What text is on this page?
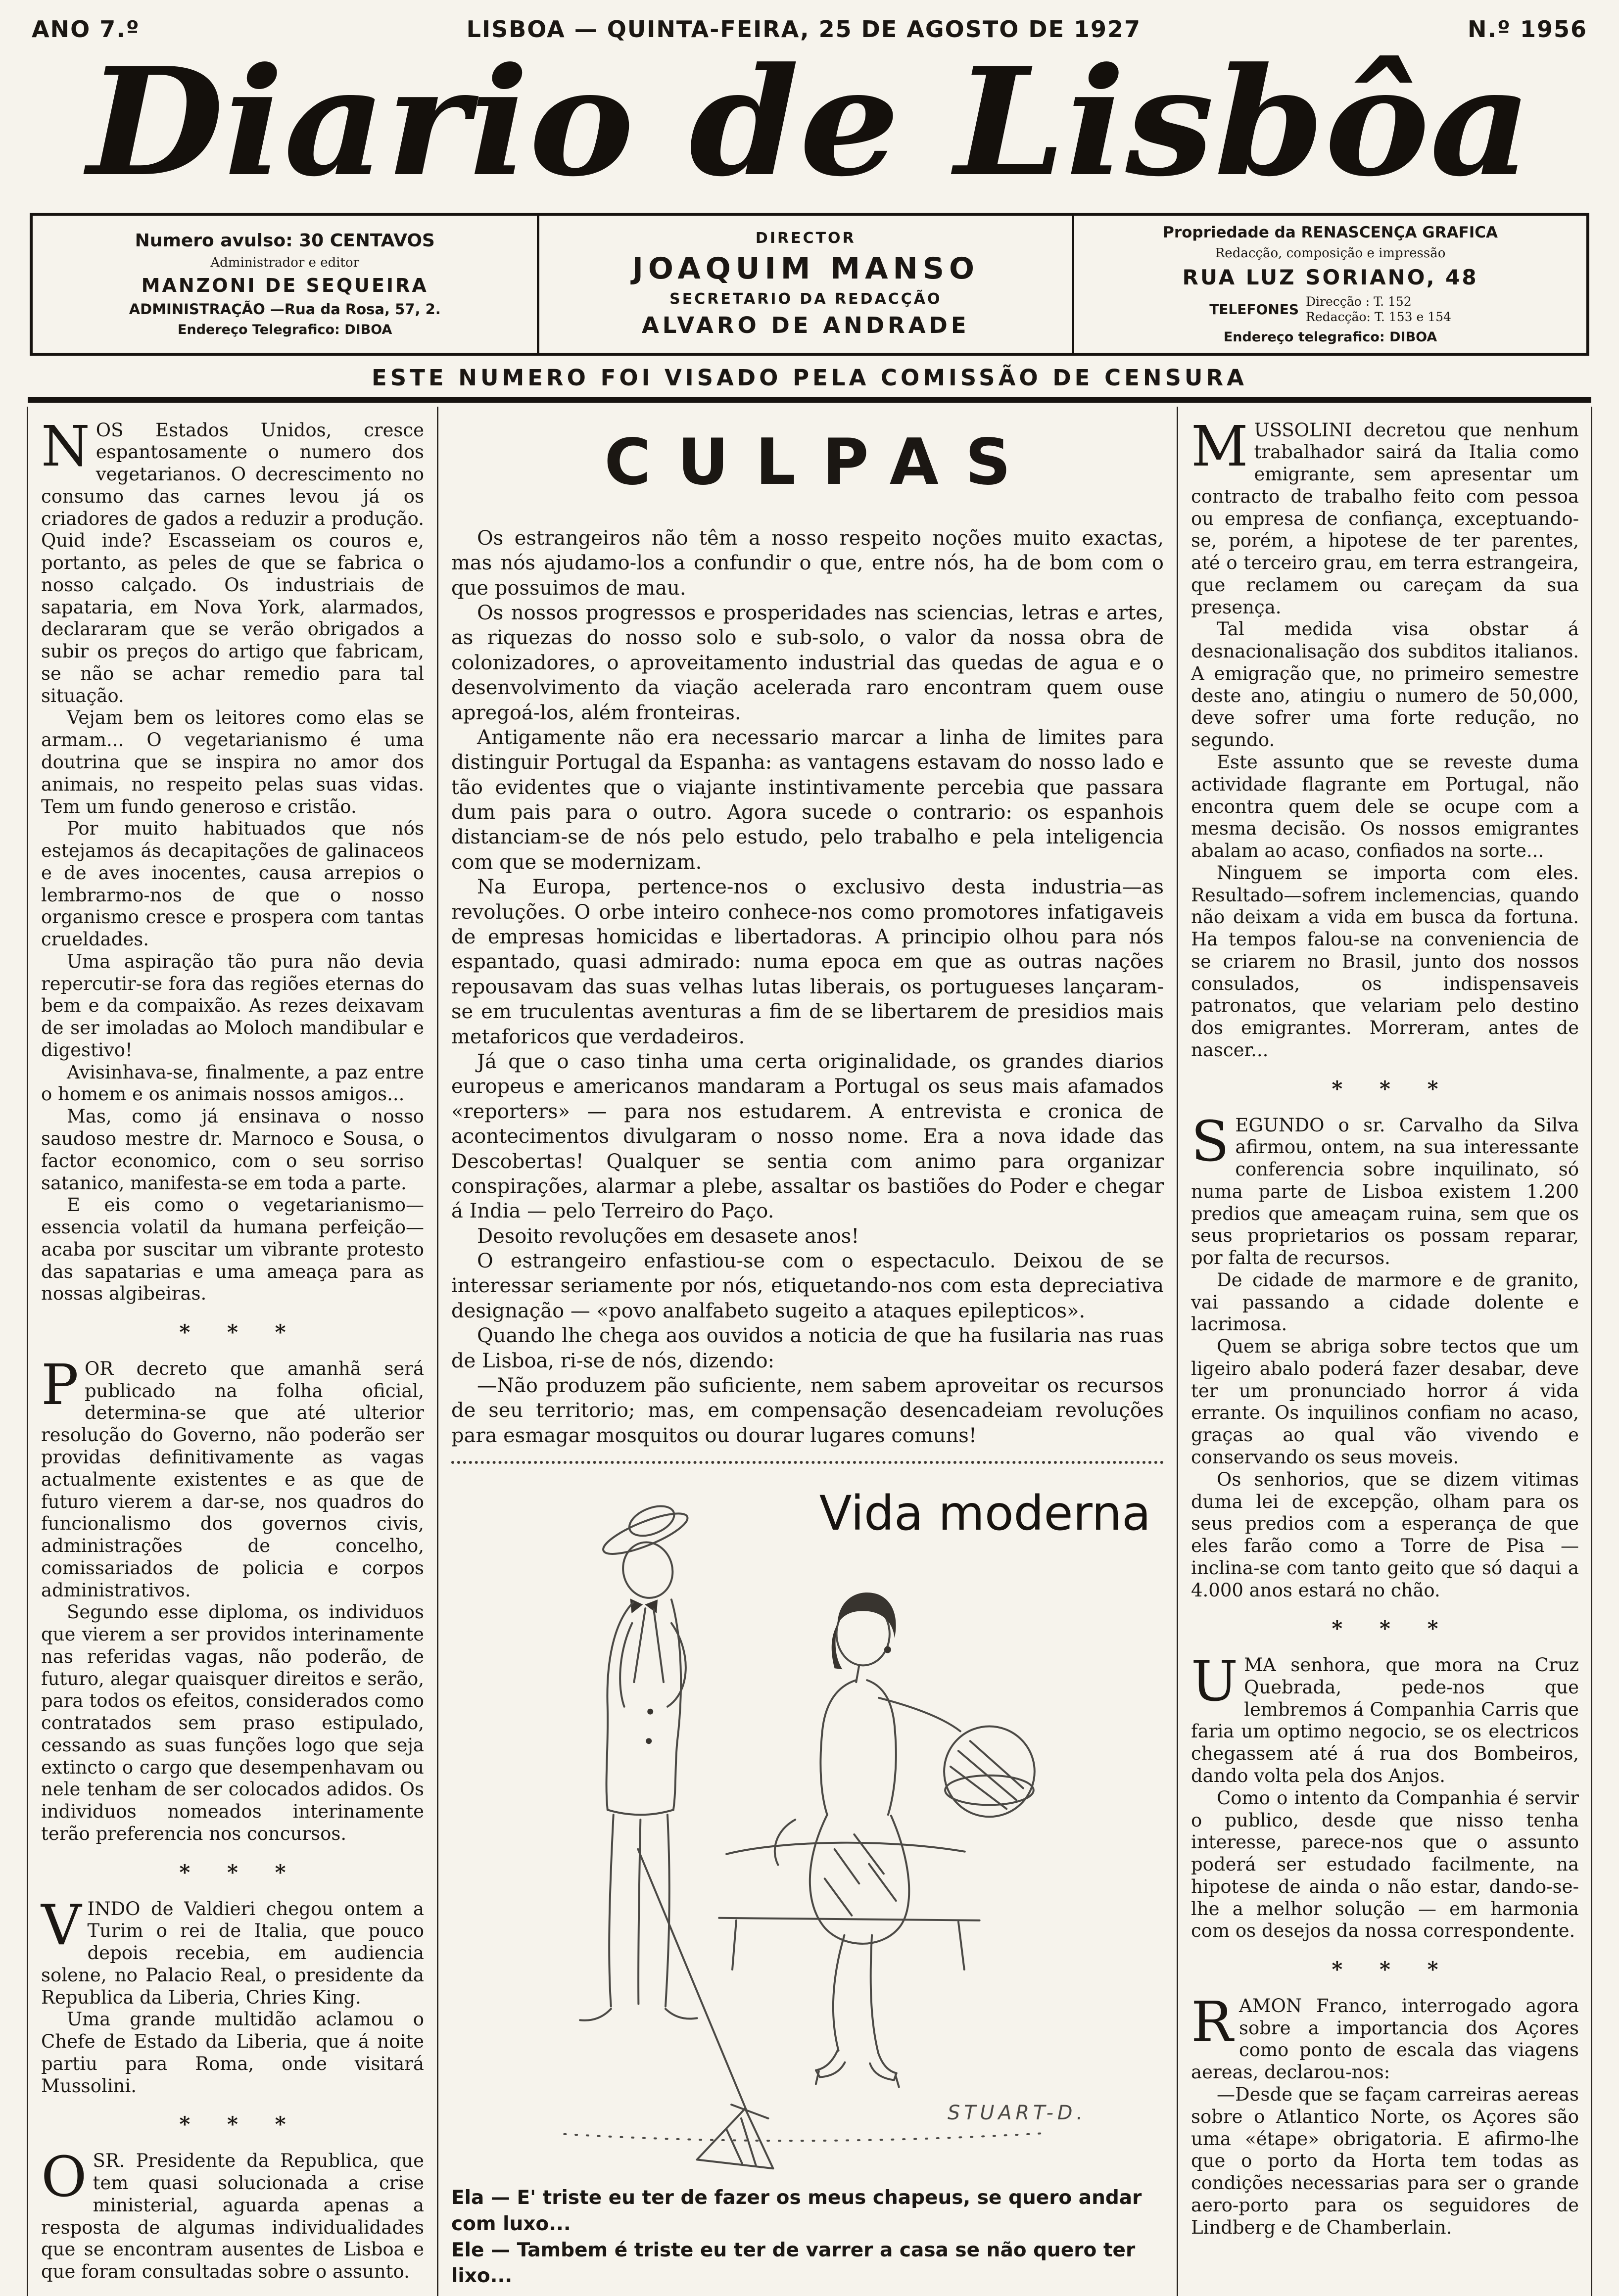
ANO 7.º	LISBOA — QUINTA-FEIRA, 25 DE AGOSTO DE 1927	N.º 1956
Diario de Lisbôa
Numero avulso: 30 CENTAVOS
Administrador e editor
MANZONI DE SEQUEIRA
ADMINISTRAÇÃO —Rua da Rosa, 57, 2.
Endereço Telegrafico: DIBOA
DIRECTOR
JOAQUIM MANSO
SECRETARIO DA REDACÇÃO
ALVARO DE ANDRADE
Propriedade da RENASCENÇA GRAFICA
Redacção, composição e impressão
RUA LUZ SORIANO, 48
TELEFONES Direcção : T. 152
Redacção: T. 153 e 154
Endereço telegrafico: DIBOA
ESTE NUMERO FOI VISADO PELA COMISSÃO DE CENSURA

NOS Estados Unidos, cresce espantosamente o numero dos vegetarianos. O decrescimento no consumo das carnes levou já os criadores de gados a reduzir a produção. Quid inde? Escasseiam os couros e, portanto, as peles de que se fabrica o nosso calçado. Os industriais de sapataria, em Nova York, alarmados, declararam que se verão obrigados a subir os preços do artigo que fabricam, se não se achar remedio para tal situação.

Vejam bem os leitores como elas se armam... O vegetarianismo é uma doutrina que se inspira no amor dos animais, no respeito pelas suas vidas. Tem um fundo generoso e cristão.

Por muito habituados que nós estejamos ás decapitações de galinaceos e de aves inocentes, causa arrepios o lembrarmo-nos de que o nosso organismo cresce e prospera com tantas crueldades.

Uma aspiração tão pura não devia repercutir-se fora das regiões eternas do bem e da compaixão. As rezes deixavam de ser imoladas ao Moloch mandibular e digestivo!

Avisinhava-se, finalmente, a paz entre o homem e os animais nossos amigos...

Mas, como já ensinava o nosso saudoso mestre dr. Marnoco e Sousa, o factor economico, com o seu sorriso satanico, manifesta-se em toda a parte.

E eis como o vegetarianismo—essencia volatil da humana perfeição—acaba por suscitar um vibrante protesto das sapatarias e uma ameaça para as nossas algibeiras.

* * *

POR decreto que amanhã será publicado na folha oficial, determina-se que até ulterior resolução do Governo, não poderão ser providas definitivamente as vagas actualmente existentes e as que de futuro vierem a dar-se, nos quadros do funcionalismo dos governos civis, administrações de concelho, comissariados de policia e corpos administrativos.

Segundo esse diploma, os individuos que vierem a ser providos interinamente nas referidas vagas, não poderão, de futuro, alegar quaisquer direitos e serão, para todos os efeitos, considerados como contratados sem praso estipulado, cessando as suas funções logo que seja extincto o cargo que desempenhavam ou nele tenham de ser colocados adidos. Os individuos nomeados interinamente terão preferencia nos concursos.

* * *

VINDO de Valdieri chegou ontem a Turim o rei de Italia, que pouco depois recebia, em audiencia solene, no Palacio Real, o presidente da Republica da Liberia, Chries King.

Uma grande multidão aclamou o Chefe de Estado da Liberia, que á noite partiu para Roma, onde visitará Mussolini.

* * *

OSR. Presidente da Republica, que tem quasi solucionada a crise ministerial, aguarda apenas a resposta de algumas individualidades que se encontram ausentes de Lisboa e que foram consultadas sobre o assunto.

CULPAS

Os estrangeiros não têm a nosso respeito noções muito exactas, mas nós ajudamo-los a confundir o que, entre nós, ha de bom com o que possuimos de mau.

Os nossos progressos e prosperidades nas sciencias, letras e artes, as riquezas do nosso solo e sub-solo, o valor da nossa obra de colonizadores, o aproveitamento industrial das quedas de agua e o desenvolvimento da viação acelerada raro encontram quem ouse apregoá-los, além fronteiras.

Antigamente não era necessario marcar a linha de limites para distinguir Portugal da Espanha: as vantagens estavam do nosso lado e tão evidentes que o viajante instintivamente percebia que passara dum pais para o outro. Agora sucede o contrario: os espanhois distanciam-se de nós pelo estudo, pelo trabalho e pela inteligencia com que se modernizam.

Na Europa, pertence-nos o exclusivo desta industria—as revoluções. O orbe inteiro conhece-nos como promotores infatigaveis de empresas homicidas e libertadoras. A principio olhou para nós espantado, quasi admirado: numa epoca em que as outras nações repousavam das suas velhas lutas liberais, os portugueses lançaram-se em truculentas aventuras a fim de se libertarem de presidios mais metaforicos que verdadeiros.

Já que o caso tinha uma certa originalidade, os grandes diarios europeus e americanos mandaram a Portugal os seus mais afamados «reporters» — para nos estudarem. A entrevista e cronica de acontecimentos divulgaram o nosso nome. Era a nova idade das Descobertas! Qualquer se sentia com animo para organizar conspirações, alarmar a plebe, assaltar os bastiões do Poder e chegar á India — pelo Terreiro do Paço.

Desoito revoluções em desasete anos!

O estrangeiro enfastiou-se com o espectaculo. Deixou de se interessar seriamente por nós, etiquetando-nos com esta depreciativa designação — «povo analfabeto sugeito a ataques epilepticos».

Quando lhe chega aos ouvidos a noticia de que ha fusilaria nas ruas de Lisboa, ri-se de nós, dizendo:

—Não produzem pão suficiente, nem sabem aproveitar os recursos de seu territorio; mas, em compensação desencadeiam revoluções para esmagar mosquitos ou dourar lugares comuns!

Vida moderna
STUART-D.
Ela — E' triste eu ter de fazer os meus chapeus, se quero andar com luxo...
Ele — Tambem é triste eu ter de varrer a casa se não quero ter lixo...

MUSSOLINI decretou que nenhum trabalhador sairá da Italia como emigrante, sem apresentar um contracto de trabalho feito com pessoa ou empresa de confiança, exceptuando-se, porém, a hipotese de ter parentes, até o terceiro grau, em terra estrangeira, que reclamem ou careçam da sua presença.

Tal medida visa obstar á desnacionalisação dos subditos italianos. A emigração que, no primeiro semestre deste ano, atingiu o numero de 50,000, deve sofrer uma forte redução, no segundo.

Este assunto que se reveste duma actividade flagrante em Portugal, não encontra quem dele se ocupe com a mesma decisão. Os nossos emigrantes abalam ao acaso, confiados na sorte...

Ninguem se importa com eles. Resultado—sofrem inclemencias, quando não deixam a vida em busca da fortuna. Ha tempos falou-se na conveniencia de se criarem no Brasil, junto dos nossos consulados, os indispensaveis patronatos, que velariam pelo destino dos emigrantes. Morreram, antes de nascer...

* * *

SEGUNDO o sr. Carvalho da Silva afirmou, ontem, na sua interessante conferencia sobre inquilinato, só numa parte de Lisboa existem 1.200 predios que ameaçam ruina, sem que os seus proprietarios os possam reparar, por falta de recursos.

De cidade de marmore e de granito, vai passando a cidade dolente e lacrimosa.

Quem se abriga sobre tectos que um ligeiro abalo poderá fazer desabar, deve ter um pronunciado horror á vida errante. Os inquilinos confiam no acaso, graças ao qual vão vivendo e conservando os seus moveis.

Os senhorios, que se dizem vitimas duma lei de excepção, olham para os seus predios com a esperança de que eles farão como a Torre de Pisa — inclina-se com tanto geito que só daqui a 4.000 anos estará no chão.

* * *

UMA senhora, que mora na Cruz Quebrada, pede-nos que lembremos á Companhia Carris que faria um optimo negocio, se os electricos chegassem até á rua dos Bombeiros, dando volta pela dos Anjos.

Como o intento da Companhia é servir o publico, desde que nisso tenha interesse, parece-nos que o assunto poderá ser estudado facilmente, na hipotese de ainda o não estar, dando-se-lhe a melhor solução — em harmonia com os desejos da nossa correspondente.

* * *

RAMON Franco, interrogado agora sobre a importancia dos Açores como ponto de escala das viagens aereas, declarou-nos:

—Desde que se façam carreiras aereas sobre o Atlantico Norte, os Açores são uma «étape» obrigatoria. E afirmo-lhe que o porto da Horta tem todas as condições necessarias para ser o grande aero-porto para os seguidores de Lindberg e de Chamberlain.
